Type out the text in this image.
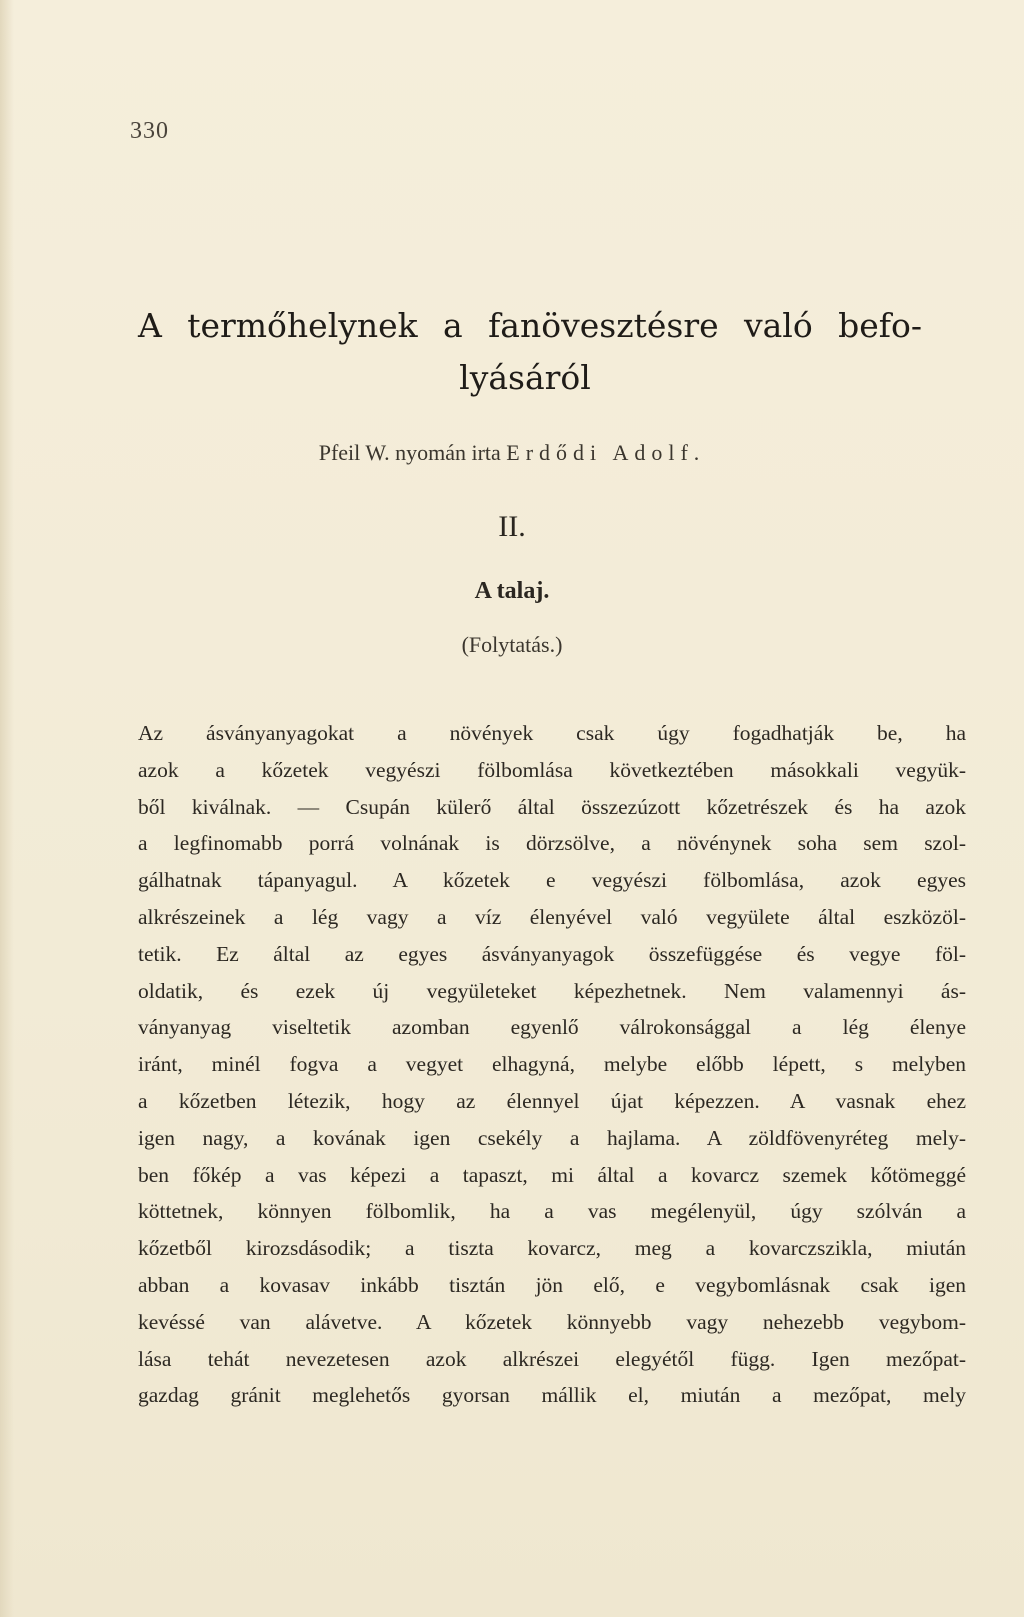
330
A termőhelynek a fanövesztésre való befo-
lyásáról
Pfeil W. nyomán irta Erdődi Adolf.
II.
A talaj.
(Folytatás.)
Az ásványanyagokat a növények csak úgy fogadhatják be, ha
azok a kőzetek vegyészi fölbomlása következtében másokkali vegyük-
ből kiválnak. — Csupán külerő által összezúzott kőzetrészek és ha azok
a legfinomabb porrá volnának is dörzsölve, a növénynek soha sem szol-
gálhatnak tápanyagul. A kőzetek e vegyészi fölbomlása, azok egyes
alkrészeinek a lég vagy a víz élenyével való vegyülete által eszközöl-
tetik. Ez által az egyes ásványanyagok összefüggése és vegye föl-
oldatik, és ezek új vegyületeket képezhetnek. Nem valamennyi ás-
ványanyag viseltetik azomban egyenlő válrokonsággal a lég élenye
iránt, minél fogva a vegyet elhagyná, melybe előbb lépett, s melyben
a kőzetben létezik, hogy az élennyel újat képezzen. A vasnak ehez
igen nagy, a kovának igen csekély a hajlama. A zöldfövenyréteg mely-
ben főkép a vas képezi a tapaszt, mi által a kovarcz szemek kőtömeggé
köttetnek, könnyen fölbomlik, ha a vas megélenyül, úgy szólván a
kőzetből kirozsdásodik; a tiszta kovarcz, meg a kovarczszikla, miután
abban a kovasav inkább tisztán jön elő, e vegybomlásnak csak igen
kevéssé van alávetve. A kőzetek könnyebb vagy nehezebb vegybom-
lása tehát nevezetesen azok alkrészei elegyétől függ. Igen mezőpat-
gazdag gránit meglehetős gyorsan mállik el, miután a mezőpat, mely
